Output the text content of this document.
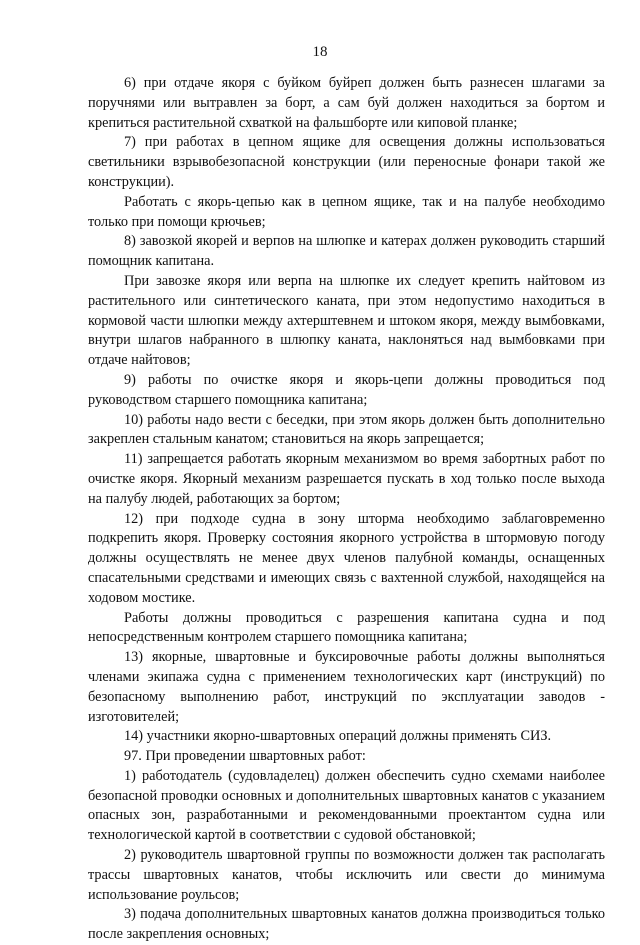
18

6) при отдаче якоря с буйком буйреп должен быть разнесен шлагами за поручнями или вытравлен за борт, а сам буй должен находиться за бортом и крепиться растительной схваткой на фальшборте или киповой планке;

7) при работах в цепном ящике для освещения должны использоваться светильники взрывобезопасной конструкции (или переносные фонари такой же конструкции).

Работать с якорь-цепью как в цепном ящике, так и на палубе необходимо только при помощи крючьев;

8) завозкой якорей и верпов на шлюпке и катерах должен руководить старший помощник капитана.

При завозке якоря или верпа на шлюпке их следует крепить найтовом из растительного или синтетического каната, при этом недопустимо находиться в кормовой части шлюпки между ахтерштевнем и штоком якоря, между вымбовками, внутри шлагов набранного в шлюпку каната, наклоняться над вымбовками при отдаче найтовов;

9) работы по очистке якоря и якорь-цепи должны проводиться под руководством старшего помощника капитана;

10) работы надо вести с беседки, при этом якорь должен быть дополнительно закреплен стальным канатом; становиться на якорь запрещается;

11) запрещается работать якорным механизмом во время забортных работ по очистке якоря. Якорный механизм разрешается пускать в ход только после выхода на палубу людей, работающих за бортом;

12) при подходе судна в зону шторма необходимо заблаговременно подкрепить якоря. Проверку состояния якорного устройства в штормовую погоду должны осуществлять не менее двух членов палубной команды, оснащенных спасательными средствами и имеющих связь с вахтенной службой, находящейся на ходовом мостике.

Работы должны проводиться с разрешения капитана судна и под непосредственным контролем старшего помощника капитана;

13) якорные, швартовные и буксировочные работы должны выполняться членами экипажа судна с применением технологических карт (инструкций) по безопасному выполнению работ, инструкций по эксплуатации заводов - изготовителей;

14) участники якорно-швартовных операций должны применять СИЗ.

97. При проведении швартовных работ:

1) работодатель (судовладелец) должен обеспечить судно схемами наиболее безопасной проводки основных и дополнительных швартовных канатов с указанием опасных зон, разработанными и рекомендованными проектантом судна или технологической картой в соответствии с судовой обстановкой;

2) руководитель швартовной группы по возможности должен так располагать трассы швартовных канатов, чтобы исключить или свести до минимума использование роульсов;

3) подача дополнительных швартовных канатов должна производиться только после закрепления основных;
